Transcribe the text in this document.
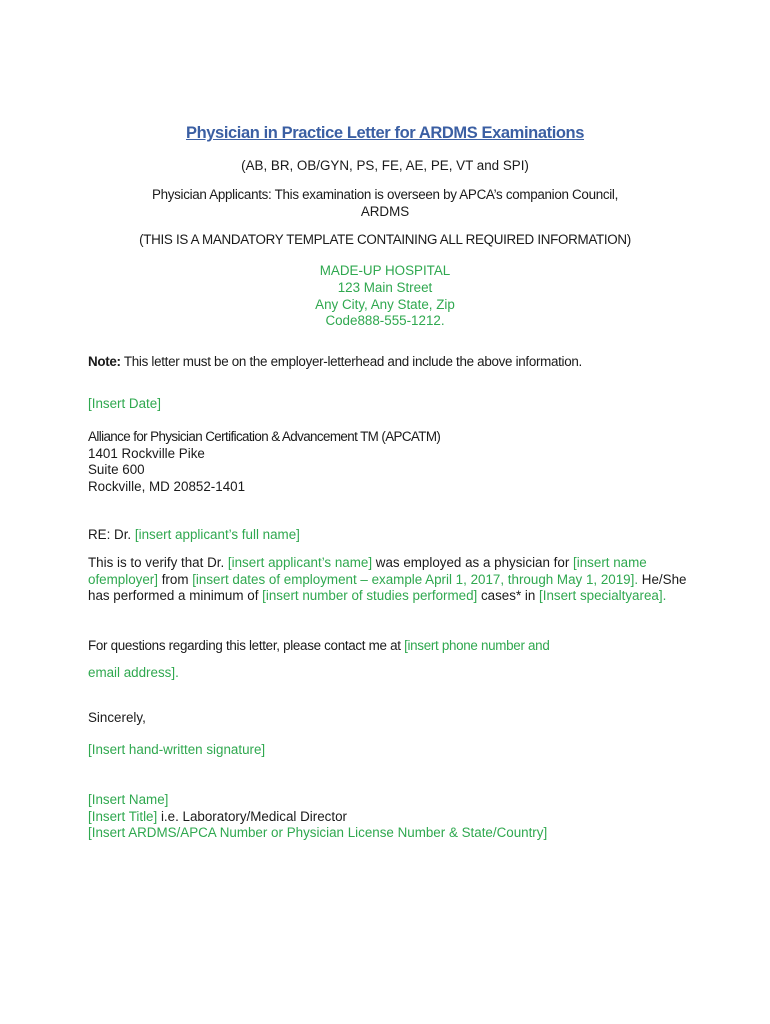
Physician in Practice Letter for ARDMS Examinations
(AB, BR, OB/GYN, PS, FE, AE, PE, VT and SPI)
Physician Applicants: This examination is overseen by APCA’s companion Council,
ARDMS
(THIS IS A MANDATORY TEMPLATE CONTAINING ALL REQUIRED INFORMATION)
MADE-UP HOSPITAL
123 Main Street
Any City, Any State, Zip
Code888-555-1212.
Note: This letter must be on the employer-letterhead and include the above information.
[Insert Date]
Alliance for Physician Certification & Advancement TM (APCATM)
1401 Rockville Pike
Suite 600
Rockville, MD 20852-1401
RE: Dr. [insert applicant’s full name]
This is to verify that Dr. [insert applicant’s name] was employed as a physician for [insert name ofemployer] from [insert dates of employment – example April 1, 2017, through May 1, 2019]. He/She has performed a minimum of [insert number of studies performed] cases* in [Insert specialtyarea].
For questions regarding this letter, please contact me at [insert phone number and
email address].
Sincerely,
[Insert hand-written signature]
[Insert Name]
[Insert Title] i.e. Laboratory/Medical Director
[Insert ARDMS/APCA Number or Physician License Number & State/Country]
